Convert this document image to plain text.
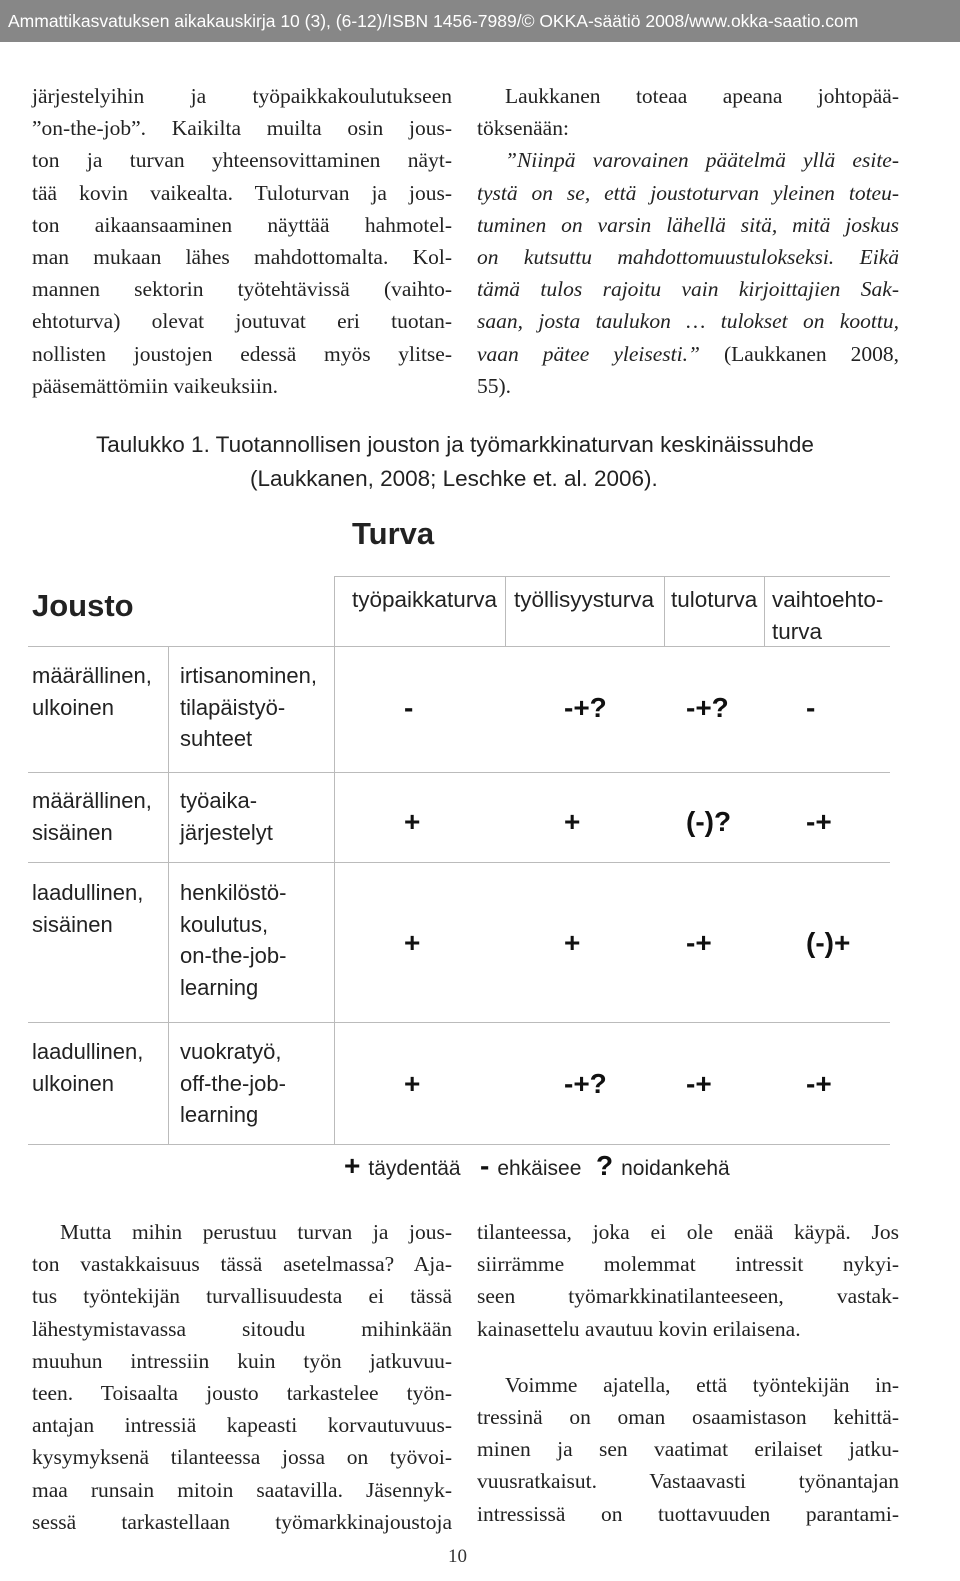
Ammattikasvatuksen aikakauskirja 10 (3), (6-12)/ISBN 1456-7989/© OKKA-säätiö 2008/www.okka-saatio.com

järjestelyihin ja työpaikkakoulutukseen

”on-the-job”. Kaikilta muilta osin jous-

ton ja turvan yhteensovittaminen näyt-

tää kovin vaikealta. Tuloturvan ja jous-

ton aikaansaaminen näyttää hahmotel-

man mukaan lähes mahdottomalta. Kol-

mannen sektorin työtehtävissä (vaihto-

ehtoturva) olevat joutuvat eri tuotan-

nollisten joustojen edessä myös ylitse-

pääsemättömiin vaikeuksiin.

Laukkanen toteaa apeana johtopää-

töksenään:

”Niinpä varovainen päätelmä yllä esite-

tystä on se, että joustoturvan yleinen toteu-

tuminen on varsin lähellä sitä, mitä joskus

on kutsuttu mahdottomuustulokseksi. Eikä

tämä tulos rajoitu vain kirjoittajien Sak-

saan, josta taulukon … tulokset on koottu,

vaan pätee yleisesti.” (Laukkanen 2008,

55).

Taulukko 1. Tuotannollisen jouston ja työmarkkinaturvan keskinäissuhde
(Laukkanen, 2008; Leschke et. al. 2006).
Turva
Jousto	työpaikkaturva työllisyysturva tuloturva vaihtoehto-
turva
määrällinen,
ulkoinen
irtisanominen,
tilapäistyö-
suhteet
-	-+?	-+?	-
määrällinen,
sisäinen
työaika-
järjestelyt	+	+	(-)?	-+
laadullinen,
sisäinen
henkilöstö-
koulutus,
on-the-job-
learning
+	+	-+	(-)+
laadullinen,
ulkoinen
vuokratyö,
off-the-job-
learning
+	-+?	-+	-+
+ täydentää - ehkäisee ? noidankehä

Mutta mihin perustuu turvan ja jous-

ton vastakkaisuus tässä asetelmassa? Aja-

tus työntekijän turvallisuudesta ei tässä

lähestymistavassa sitoudu mihinkään

muuhun intressiin kuin työn jatkuvuu-

teen. Toisaalta jousto tarkastelee työn-

antajan intressiä kapeasti korvautuvuus-

kysymyksenä tilanteessa jossa on työvoi-

maa runsain mitoin saatavilla. Jäsennyk-

sessä tarkastellaan työmarkkinajoustoja

tilanteessa, joka ei ole enää käypä. Jos

siirrämme molemmat intressit nykyi-

seen työmarkkinatilanteeseen, vastak-

kainasettelu avautuu kovin erilaisena.

Voimme ajatella, että työntekijän in-

tressinä on oman osaamistason kehittä-

minen ja sen vaatimat erilaiset jatku-

vuusratkaisut. Vastaavasti työnantajan

intressissä on tuottavuuden parantami-

10
